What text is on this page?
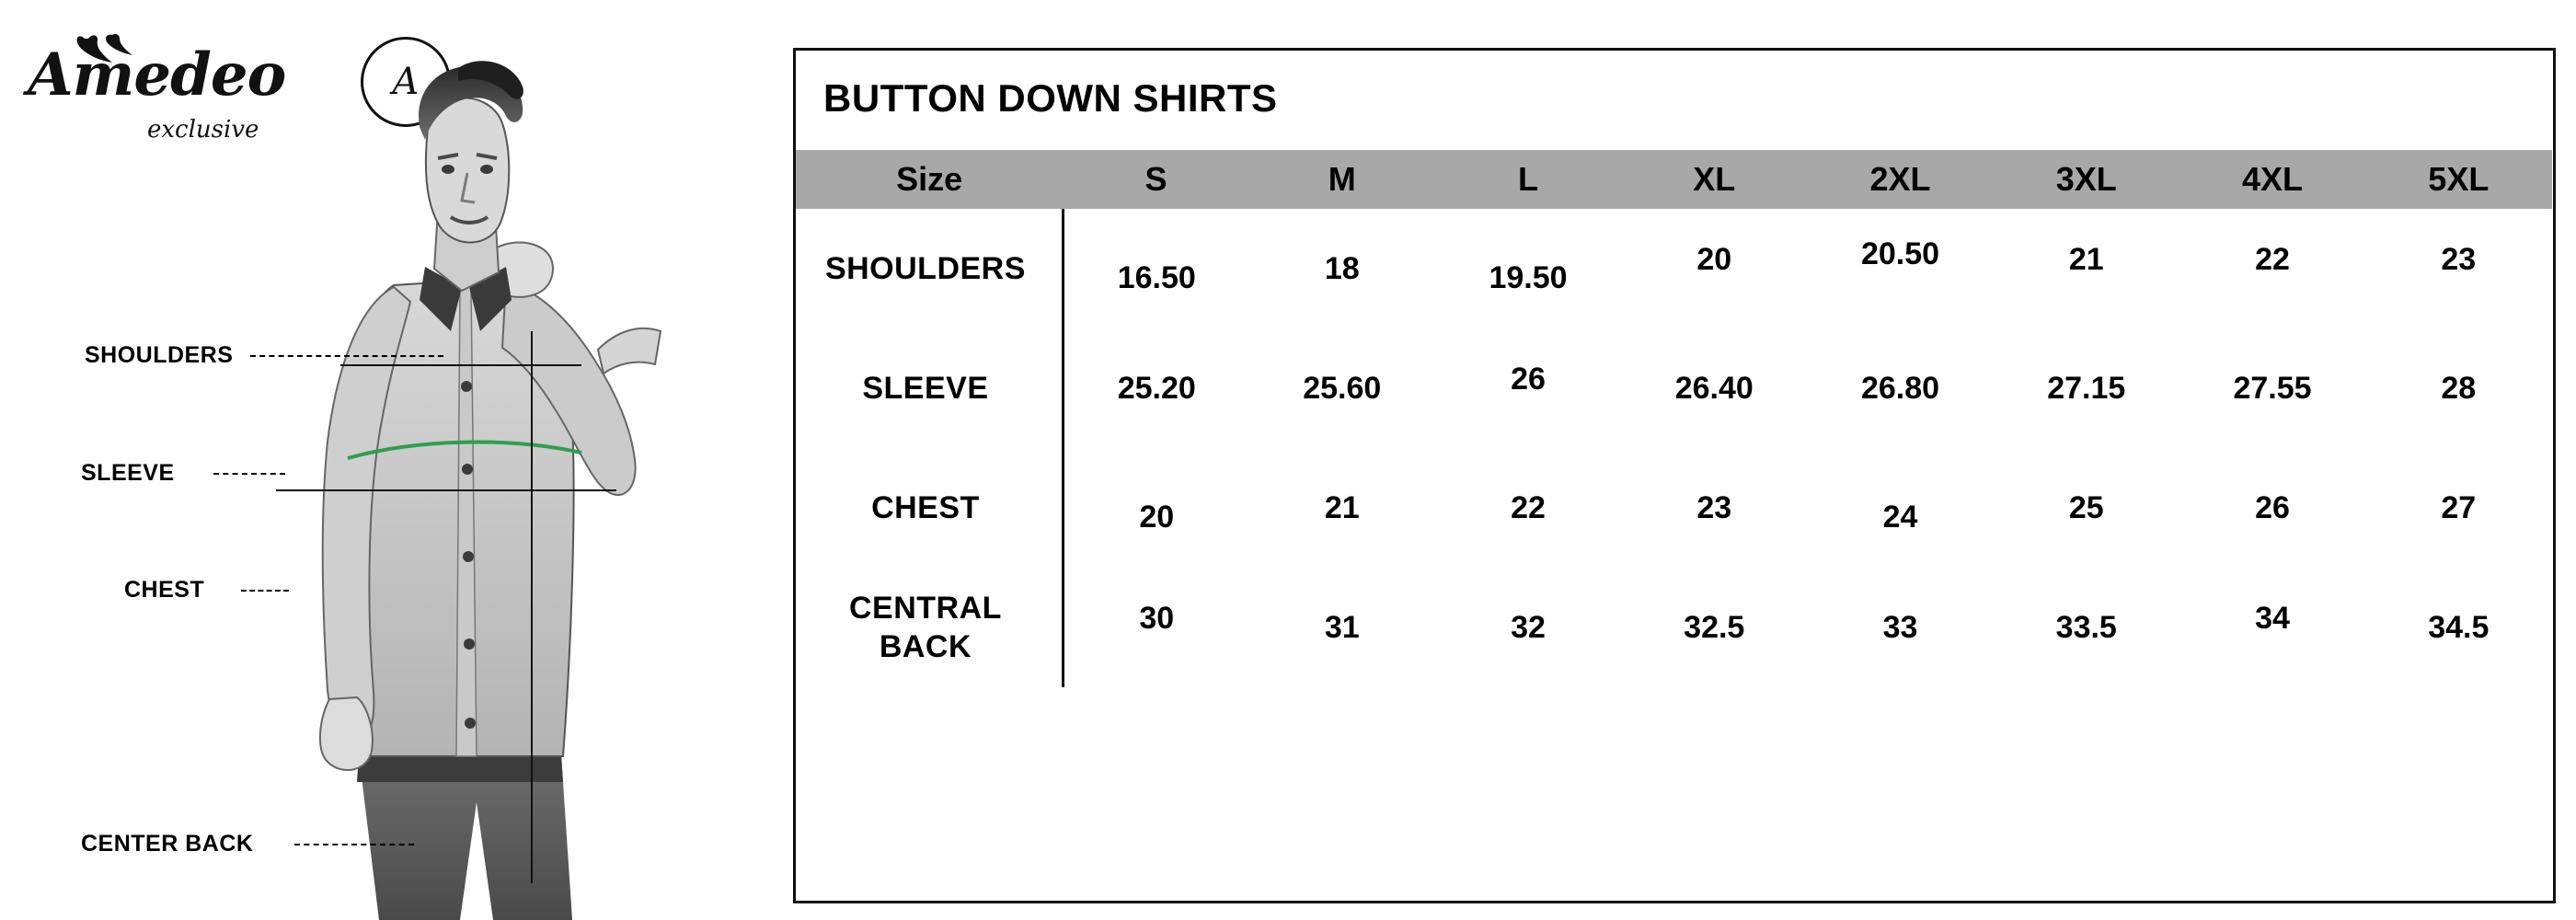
Amedeo
exclusive
A
SHOULDERS
SLEEVE
CHEST
CENTER BACK
BUTTON DOWN SHIRTS
Size	S	M	L	XL	2XL	3XL	4XL	5XL
SHOULDERS	16.50	18	19.50	20	20.50	21	22	23
SLEEVE	25.20	25.60	26	26.40	26.80	27.15	27.55	28
CHEST	20	21	22	23	24	25	26	27

CENTRAL
BACK	30	31	32	32.5	33	33.5	34	34.5
